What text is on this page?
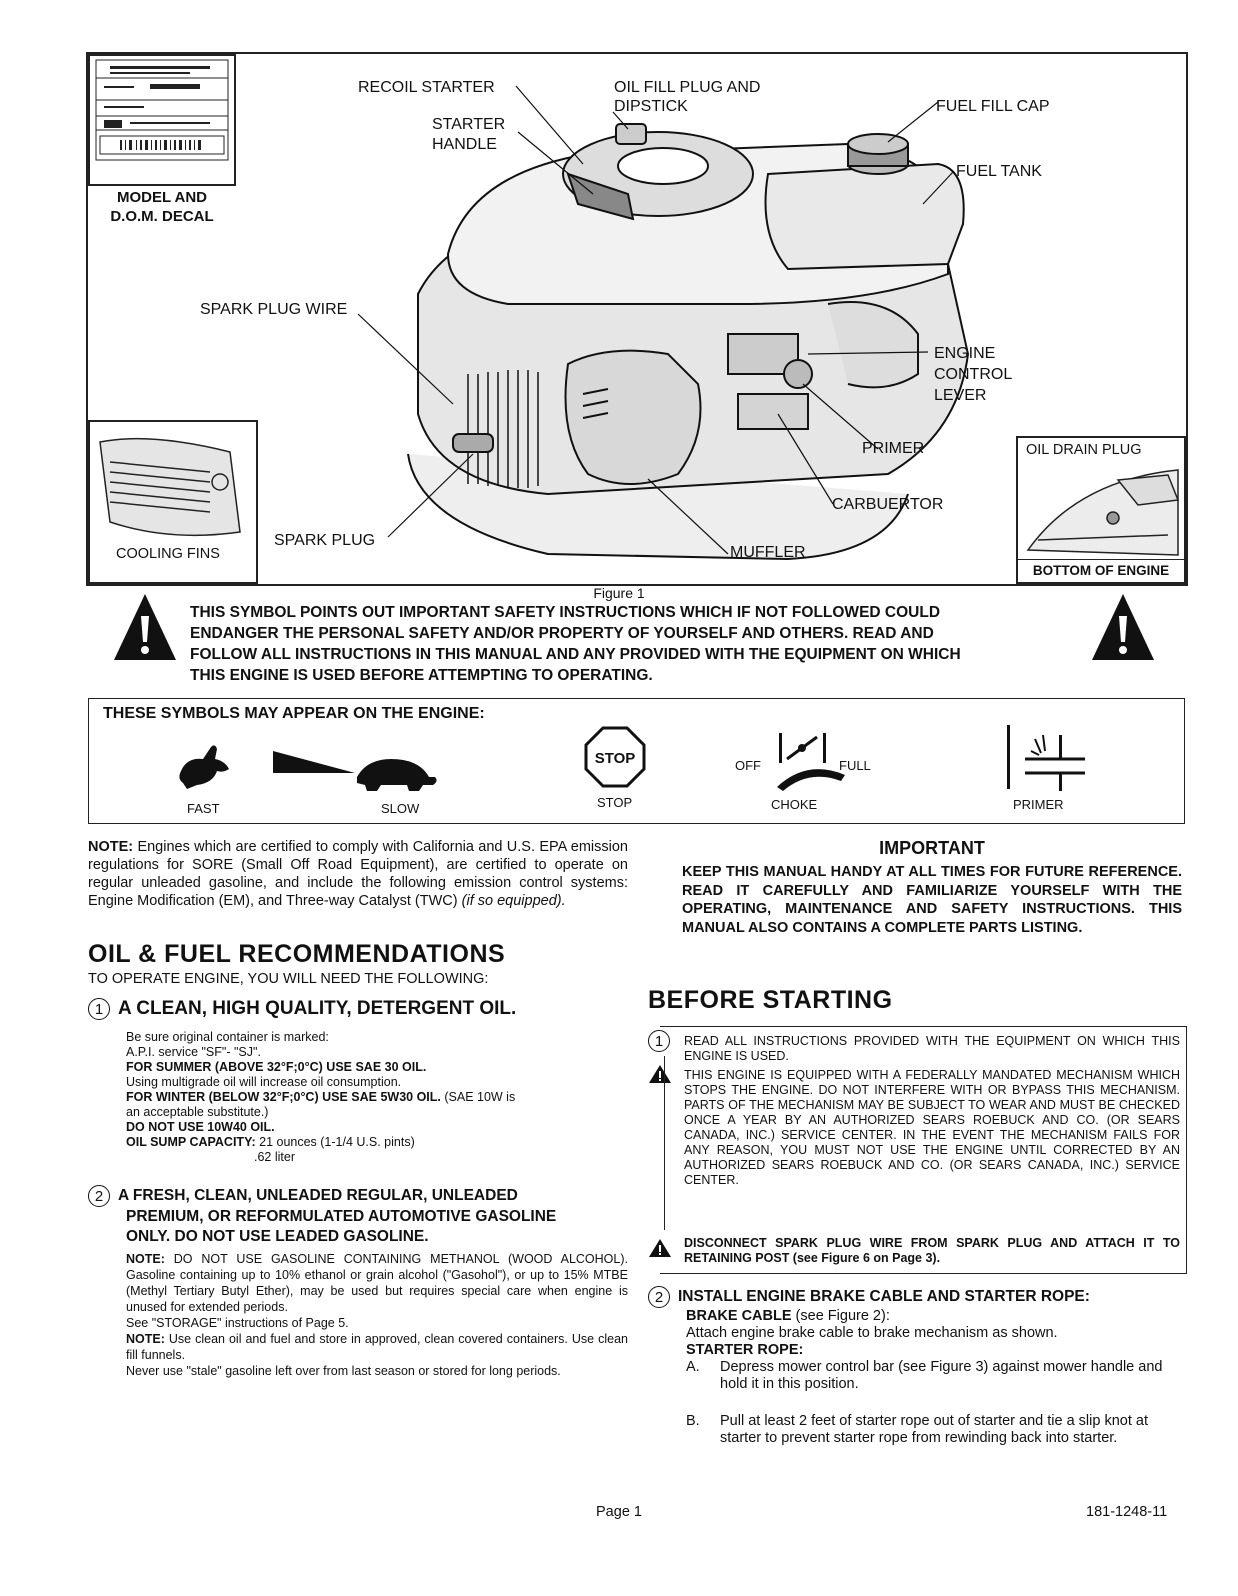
MODEL AND
D.O.M. DECAL
RECOIL STARTER	OIL FILL PLUG AND
DIPSTICK	FUEL FILL CAP
STARTER
HANDLE
FUEL TANK
SPARK PLUG WIRE
ENGINE
CONTROL
LEVER
PRIMER	OIL DRAIN PLUG
CARBUERTOR
COOLING FINS
SPARK PLUG
MUFFLER
BOTTOM OF ENGINE
Figure 1
THIS SYMBOL POINTS OUT IMPORTANT SAFETY INSTRUCTIONS WHICH IF NOT FOLLOWED COULD
ENDANGER THE PERSONAL SAFETY AND/OR PROPERTY OF YOURSELF AND OTHERS. READ AND
FOLLOW ALL INSTRUCTIONS IN THIS MANUAL AND ANY PROVIDED WITH THE EQUIPMENT ON WHICH
THIS ENGINE IS USED BEFORE ATTEMPTING TO OPERATING.
THESE SYMBOLS MAY APPEAR ON THE ENGINE:
FAST	SLOW
STOP
STOP
OFF	FULL
CHOKE	PRIMER

NOTE: Engines which are certified to comply with California and U.S. EPA emission regulations for SORE (Small Off Road Equipment), are certified to operate on regular unleaded gasoline, and include the following emission control systems: Engine Modification (EM), and Three-way Catalyst (TWC) (if so equipped).

OIL & FUEL RECOMMENDATIONS

TO OPERATE ENGINE, YOU WILL NEED THE FOLLOWING:

1 A CLEAN, HIGH QUALITY, DETERGENT OIL.

Be sure original container is marked:

A.P.I. service "SF"- "SJ".

FOR SUMMER (ABOVE 32°F;0°C) USE SAE 30 OIL.

Using multigrade oil will increase oil consumption.

FOR WINTER (BELOW 32°F;0°C) USE SAE 5W30 OIL. (SAE 10W is

an acceptable substitute.)

DO NOT USE 10W40 OIL.

OIL SUMP CAPACITY: 21 ounces (1-1/4 U.S. pints)

.62 liter

2 A FRESH, CLEAN, UNLEADED REGULAR, UNLEADED
PREMIUM, OR REFORMULATED AUTOMOTIVE GASOLINE
ONLY. DO NOT USE LEADED GASOLINE.

NOTE: DO NOT USE GASOLINE CONTAINING METHANOL (WOOD ALCOHOL). Gasoline containing up to 10% ethanol or grain alcohol ("Gasohol"), or up to 15% MTBE (Methyl Tertiary Butyl Ether), may be used but requires special care when engine is unused for extended periods.

See "STORAGE" instructions of Page 5.

NOTE: Use clean oil and fuel and store in approved, clean covered containers. Use clean fill funnels.

Never use "stale" gasoline left over from last season or stored for long periods.

IMPORTANT

KEEP THIS MANUAL HANDY AT ALL TIMES FOR FUTURE REFERENCE. READ IT CAREFULLY AND FAMILIARIZE YOURSELF WITH THE OPERATING, MAINTENANCE AND SAFETY INSTRUCTIONS. THIS MANUAL ALSO CONTAINS A COMPLETE PARTS LISTING.

BEFORE STARTING
1	READ ALL INSTRUCTIONS PROVIDED WITH THE EQUIPMENT ON WHICH THIS ENGINE IS USED.

THIS ENGINE IS EQUIPPED WITH A FEDERALLY MANDATED MECHANISM WHICH STOPS THE ENGINE. DO NOT INTERFERE WITH OR BYPASS THIS MECHANISM. PARTS OF THE MECHANISM MAY BE SUBJECT TO WEAR AND MUST BE CHECKED ONCE A YEAR BY AN AUTHORIZED SEARS ROEBUCK AND CO. (OR SEARS CANADA, INC.) SERVICE CENTER. IN THE EVENT THE MECHANISM FAILS FOR ANY REASON, YOU MUST NOT USE THE ENGINE UNTIL CORRECTED BY AN AUTHORIZED SEARS ROEBUCK AND CO. (OR SEARS CANADA, INC.) SERVICE CENTER.

DISCONNECT SPARK PLUG WIRE FROM SPARK PLUG AND ATTACH IT TO RETAINING POST (see Figure 6 on Page 3).

2 INSTALL ENGINE BRAKE CABLE AND STARTER ROPE:
BRAKE CABLE (see Figure 2):
Attach engine brake cable to brake mechanism as shown.
STARTER ROPE:
A. Depress mower control bar (see Figure 3) against mower handle and hold it in this position.
B. Pull at least 2 feet of starter rope out of starter and tie a slip knot at starter to prevent starter rope from rewinding back into starter.
Page 1	181-1248-11
